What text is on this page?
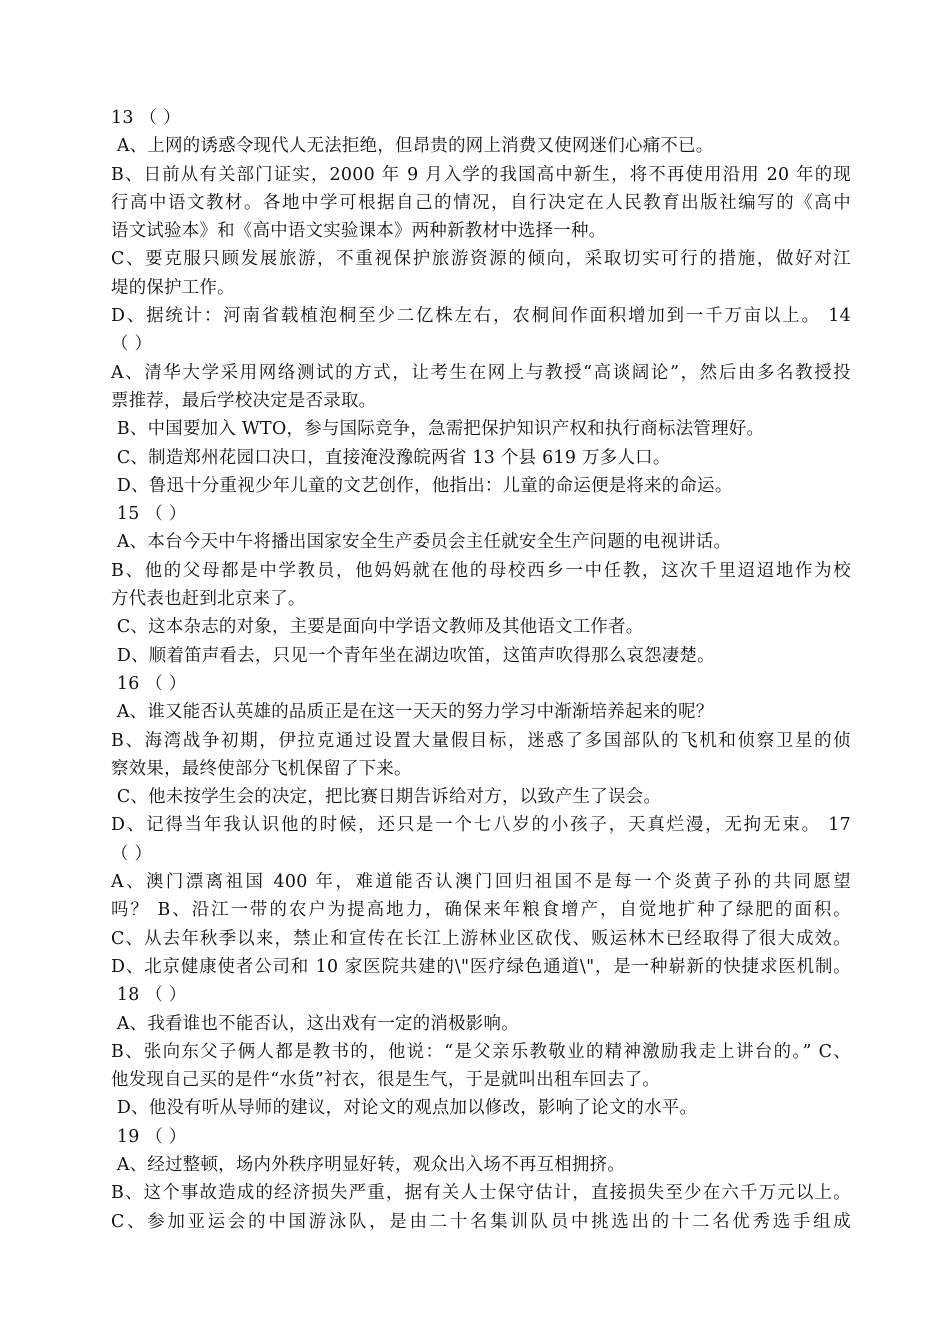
13 （ ）
A、上网的诱惑令现代人无法拒绝，但昂贵的网上消费又使网迷们心痛不已。
B、日前从有关部门证实，2000 年 9 月入学的我国高中新生，将不再使用沿用 20 年的现
行高中语文教材。各地中学可根据自己的情况，自行决定在人民教育出版社编写的《高中
语文试验本》和《高中语文实验课本》两种新教材中选择一种。
C、要克服只顾发展旅游，不重视保护旅游资源的倾向，采取切实可行的措施，做好对江
堤的保护工作。
D、据统计：河南省载植泡桐至少二亿株左右，农桐间作面积增加到一千万亩以上。 14
（ ）
A、清华大学采用网络测试的方式，让考生在网上与教授“高谈阔论”，然后由多名教授投
票推荐，最后学校决定是否录取。
B、中国要加入 WTO，参与国际竞争，急需把保护知识产权和执行商标法管理好。
C、制造郑州花园口决口，直接淹没豫皖两省 13 个县 619 万多人口。
D、鲁迅十分重视少年儿童的文艺创作，他指出：儿童的命运便是将来的命运。
15 （ ）
A、本台今天中午将播出国家安全生产委员会主任就安全生产问题的电视讲话。
B、他的父母都是中学教员，他妈妈就在他的母校西乡一中任教，这次千里迢迢地作为校
方代表也赶到北京来了。
C、这本杂志的对象，主要是面向中学语文教师及其他语文工作者。
D、顺着笛声看去，只见一个青年坐在湖边吹笛，这笛声吹得那么哀怨凄楚。
16 （ ）
A、谁又能否认英雄的品质正是在这一天天的努力学习中渐渐培养起来的呢？
B、海湾战争初期，伊拉克通过设置大量假目标，迷惑了多国部队的飞机和侦察卫星的侦
察效果，最终使部分飞机保留了下来。
C、他未按学生会的决定，把比赛日期告诉给对方，以致产生了误会。
D、记得当年我认识他的时候，还只是一个七八岁的小孩子，天真烂漫，无拘无束。 17
（ ）
A、澳门漂离祖国 400 年，难道能否认澳门回归祖国不是每一个炎黄子孙的共同愿望
吗？ B、沿江一带的农户为提高地力，确保来年粮食增产，自觉地扩种了绿肥的面积。
C、从去年秋季以来，禁止和宣传在长江上游林业区砍伐、贩运林木已经取得了很大成效。
D、北京健康使者公司和 10 家医院共建的\"医疗绿色通道\"，是一种崭新的快捷求医机制。
18 （ ）
A、我看谁也不能否认，这出戏有一定的消极影响。
B、张向东父子俩人都是教书的，他说：“是父亲乐教敬业的精神激励我走上讲台的。” C、
他发现自己买的是件“水货”衬衣，很是生气，于是就叫出租车回去了。
D、他没有听从导师的建议，对论文的观点加以修改，影响了论文的水平。
19 （ ）
A、经过整顿，场内外秩序明显好转，观众出入场不再互相拥挤。
B、这个事故造成的经济损失严重，据有关人士保守估计，直接损失至少在六千万元以上。
C、参加亚运会的中国游泳队，是由二十名集训队员中挑选出的十二名优秀选手组成
